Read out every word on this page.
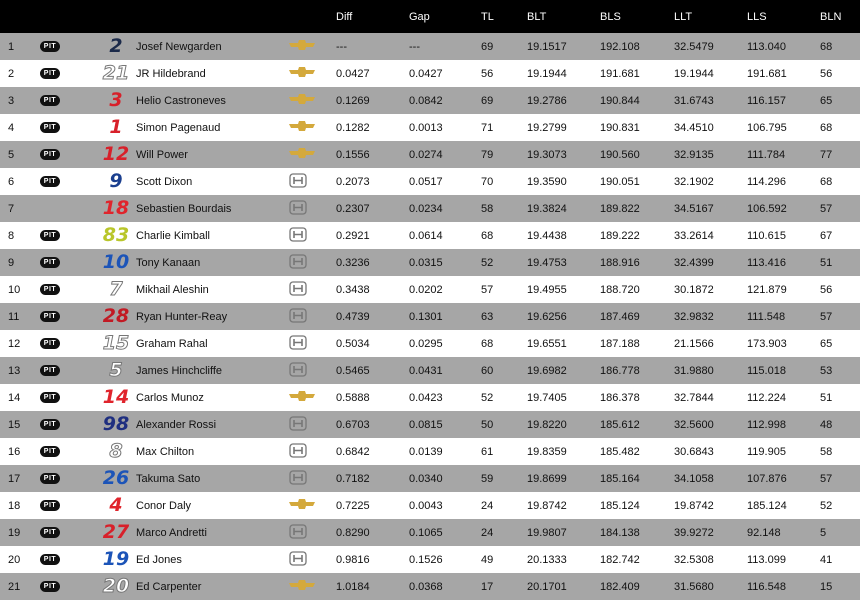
					Diff	Gap	TL	BLT	BLS	LLT	LLS	BLN
1	PIT	2	Josef Newgarden		---	---	69	19.1517	192.108	32.5479	113.040	68
2	PIT	21	JR Hildebrand		0.0427	0.0427	56	19.1944	191.681	19.1944	191.681	56
3	PIT	3	Helio Castroneves		0.1269	0.0842	69	19.2786	190.844	31.6743	116.157	65
4	PIT	1	Simon Pagenaud		0.1282	0.0013	71	19.2799	190.831	34.4510	106.795	68
5	PIT	12	Will Power		0.1556	0.0274	79	19.3073	190.560	32.9135	111.784	77
6	PIT	9	Scott Dixon		0.2073	0.0517	70	19.3590	190.051	32.1902	114.296	68
7		18	Sebastien Bourdais		0.2307	0.0234	58	19.3824	189.822	34.5167	106.592	57
8	PIT	83	Charlie Kimball		0.2921	0.0614	68	19.4438	189.222	33.2614	110.615	67
9	PIT	10	Tony Kanaan		0.3236	0.0315	52	19.4753	188.916	32.4399	113.416	51
10	PIT	7	Mikhail Aleshin		0.3438	0.0202	57	19.4955	188.720	30.1872	121.879	56
11	PIT	28	Ryan Hunter-Reay		0.4739	0.1301	63	19.6256	187.469	32.9832	111.548	57
12	PIT	15	Graham Rahal		0.5034	0.0295	68	19.6551	187.188	21.1566	173.903	65
13	PIT	5	James Hinchcliffe		0.5465	0.0431	60	19.6982	186.778	31.9880	115.018	53
14	PIT	14	Carlos Munoz		0.5888	0.0423	52	19.7405	186.378	32.7844	112.224	51
15	PIT	98	Alexander Rossi		0.6703	0.0815	50	19.8220	185.612	32.5600	112.998	48
16	PIT	8	Max Chilton		0.6842	0.0139	61	19.8359	185.482	30.6843	119.905	58
17	PIT	26	Takuma Sato		0.7182	0.0340	59	19.8699	185.164	34.1058	107.876	57
18	PIT	4	Conor Daly		0.7225	0.0043	24	19.8742	185.124	19.8742	185.124	52
19	PIT	27	Marco Andretti		0.8290	0.1065	24	19.9807	184.138	39.9272	92.148	5
20	PIT	19	Ed Jones		0.9816	0.1526	49	20.1333	182.742	32.5308	113.099	41
21	PIT	20	Ed Carpenter		1.0184	0.0368	17	20.1701	182.409	31.5680	116.548	15
